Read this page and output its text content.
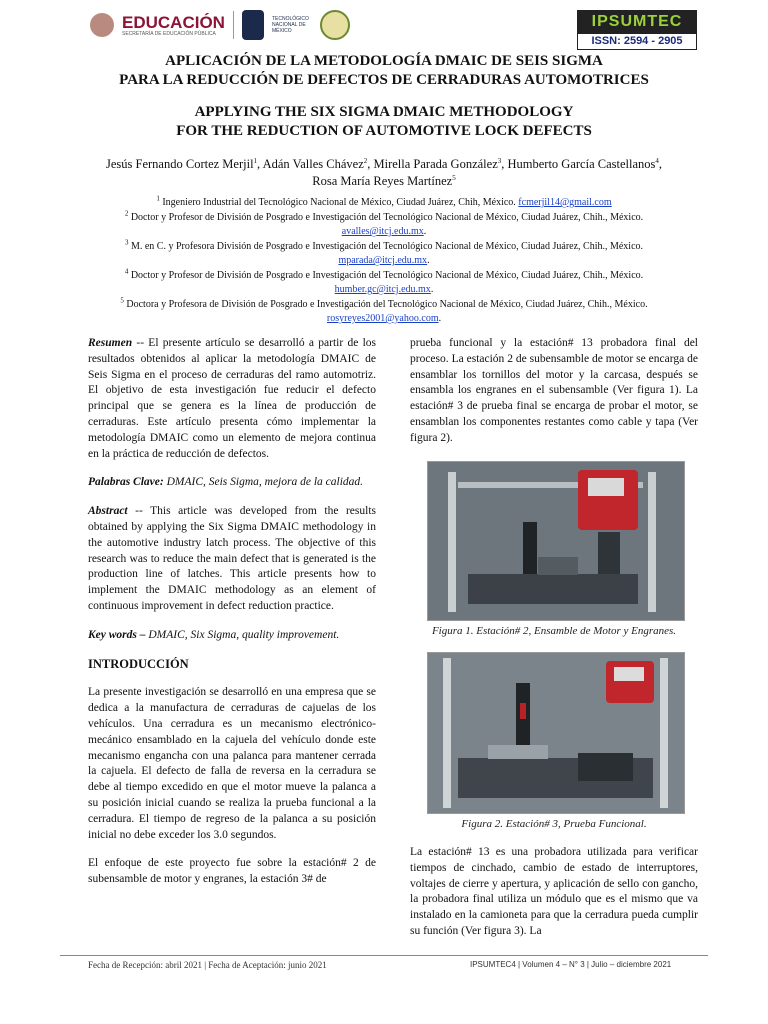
EDUCACIÓN
SECRETARÍA DE EDUCACIÓN PÚBLICA
TECNOLÓGICO NACIONAL DE MÉXICO
IPSUMTEC
ISSN: 2594 - 2905
APLICACIÓN DE LA METODOLOGÍA DMAIC DE SEIS SIGMA
PARA LA REDUCCIÓN DE DEFECTOS DE CERRADURAS AUTOMOTRICES
APPLYING THE SIX SIGMA DMAIC METHODOLOGY
FOR THE REDUCTION OF AUTOMOTIVE LOCK DEFECTS
Jesús Fernando Cortez Merjil$^1$, Adán Valles Chávez$^2$, Mirella Parada González$^3$, Humberto García Castellanos$^4$,
Rosa María Reyes Martínez$^5$

$^1$ Ingeniero Industrial del Tecnológico Nacional de México, Ciudad Juárez, Chih, México. fcmerjil14@gmail.com

$^2$ Doctor y Profesor de División de Posgrado e Investigación del Tecnológico Nacional de México, Ciudad Juárez, Chih., México.
avalles@itcj.edu.mx.

$^3$ M. en C. y Profesora División de Posgrado e Investigación del Tecnológico Nacional de México, Ciudad Juárez, Chih., México.
mparada@itcj.edu.mx.

$^4$ Doctor y Profesor de División de Posgrado e Investigación del Tecnológico Nacional de México, Ciudad Juárez, Chih., México.
humber.gc@itcj.edu.mx.

$^5$ Doctora y Profesora de División de Posgrado e Investigación del Tecnológico Nacional de México, Ciudad Juárez, Chih., México.
rosyreyes2001@yahoo.com.

Resumen -- El presente artículo se desarrolló a partir de los resultados obtenidos al aplicar la metodología DMAIC de Seis Sigma en el proceso de cerraduras del ramo automotriz. El objetivo de esta investigación fue reducir el defecto principal que se genera es la línea de producción de cerraduras. Este artículo presenta cómo implementar la metodología DMAIC como un elemento de mejora continua en la práctica de reducción de defectos.

Palabras Clave: DMAIC, Seis Sigma, mejora de la calidad.

Abstract -- This article was developed from the results obtained by applying the Six Sigma DMAIC methodology in the automotive industry latch process. The objective of this research was to reduce the main defect that is generated is the production line of latches. This article presents how to implement the DMAIC methodology as an element of continuous improvement in defect reduction practice.

Key words – DMAIC, Six Sigma, quality improvement.

INTRODUCCIÓN

La presente investigación se desarrolló en una empresa que se dedica a la manufactura de cerraduras de cajuelas de los vehículos. Una cerradura es un mecanismo electrónico-mecánico ensamblado en la cajuela del vehículo donde este mecanismo engancha con una palanca para mantener cerrada la cajuela. El defecto de falla de reversa en la cerradura se debe al tiempo excedido en que el motor mueve la palanca a su posición inicial cuando se realiza la prueba funcional a la cerradura. El tiempo de regreso de la palanca a su posición inicial no debe exceder los 3.0 segundos.

El enfoque de este proyecto fue sobre la estación# 2 de subensamble de motor y engranes, la estación 3# de

prueba funcional y la estación# 13 probadora final del proceso. La estación 2 de subensamble de motor se encarga de ensamblar los tornillos del motor y la carcasa, después se ensambla los engranes en el subensamble (Ver figura 1). La estación# 3 de prueba final se encarga de probar el motor, se ensamblan los componentes restantes como cable y tapa (Ver figura 2).

Figura 1. Estación# 2, Ensamble de Motor y Engranes.
Figura 2. Estación# 3, Prueba Funcional.

La estación# 13 es una probadora utilizada para verificar tiempos de cinchado, cambio de estado de interruptores, voltajes de cierre y apertura, y aplicación de sello con gancho, la probadora final utiliza un módulo que es el mismo que va instalado en la camioneta para que la cerradura pueda cumplir su función (Ver figura 3). La

Fecha de Recepción: abril 2021 | Fecha de Aceptación: junio 2021	IPSUMTEC4 | Volumen 4 – N° 3 | Julio – diciembre 2021
